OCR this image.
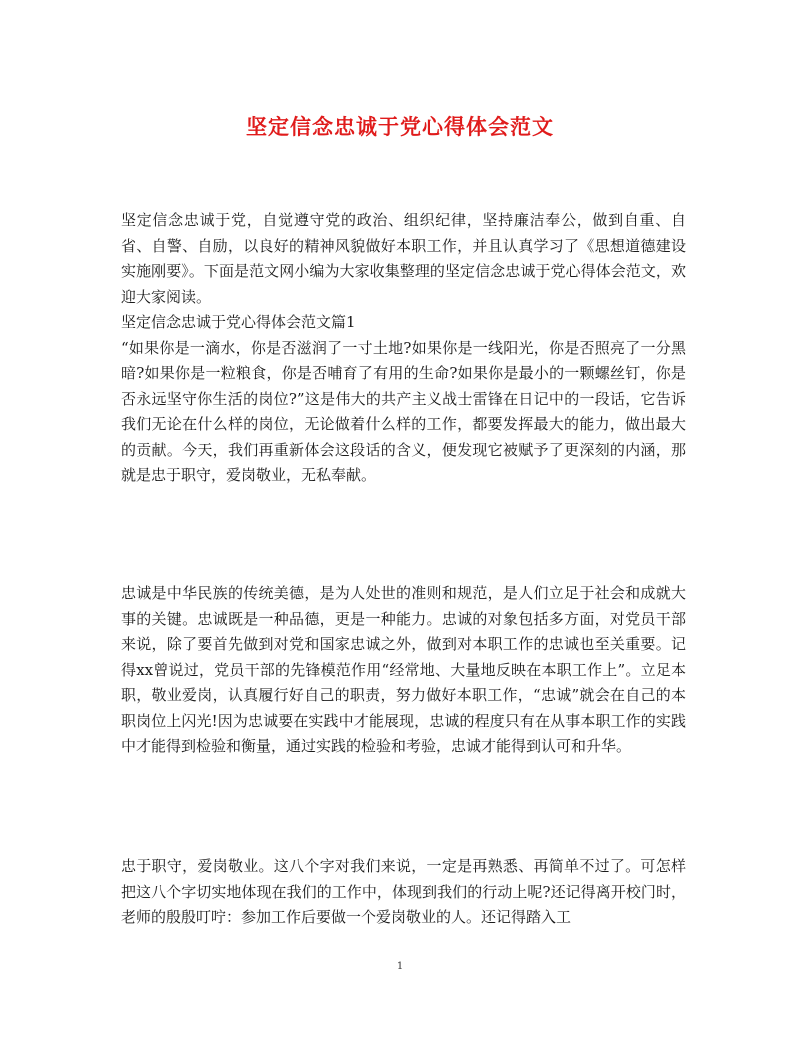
坚定信念忠诚于党心得体会范文

坚定信念忠诚于党，自觉遵守党的政治、组织纪律，坚持廉洁奉公，做到自重、自省、自警、自励，以良好的精神风貌做好本职工作，并且认真学习了《思想道德建设实施刚要》。下面是范文网小编为大家收集整理的坚定信念忠诚于党心得体会范文，欢迎大家阅读。

坚定信念忠诚于党心得体会范文篇1

“如果你是一滴水，你是否滋润了一寸土地?如果你是一线阳光，你是否照亮了一分黑暗?如果你是一粒粮食，你是否哺育了有用的生命?如果你是最小的一颗螺丝钉，你是否永远坚守你生活的岗位?”这是伟大的共产主义战士雷锋在日记中的一段话，它告诉我们无论在什么样的岗位，无论做着什么样的工作，都要发挥最大的能力，做出最大的贡献。今天，我们再重新体会这段话的含义，便发现它被赋予了更深刻的内涵，那就是忠于职守，爱岗敬业，无私奉献。

忠诚是中华民族的传统美德，是为人处世的准则和规范，是人们立足于社会和成就大事的关键。忠诚既是一种品德，更是一种能力。忠诚的对象包括多方面，对党员干部来说，除了要首先做到对党和国家忠诚之外，做到对本职工作的忠诚也至关重要。记得xx曾说过，党员干部的先锋模范作用“经常地、大量地反映在本职工作上”。立足本职，敬业爱岗，认真履行好自己的职责，努力做好本职工作，“忠诚”就会在自己的本职岗位上闪光!因为忠诚要在实践中才能展现，忠诚的程度只有在从事本职工作的实践中才能得到检验和衡量，通过实践的检验和考验，忠诚才能得到认可和升华。

忠于职守，爱岗敬业。这八个字对我们来说，一定是再熟悉、再简单不过了。可怎样把这八个字切实地体现在我们的工作中，体现到我们的行动上呢?还记得离开校门时，老师的殷殷叮咛：参加工作后要做一个爱岗敬业的人。还记得踏入工

1
